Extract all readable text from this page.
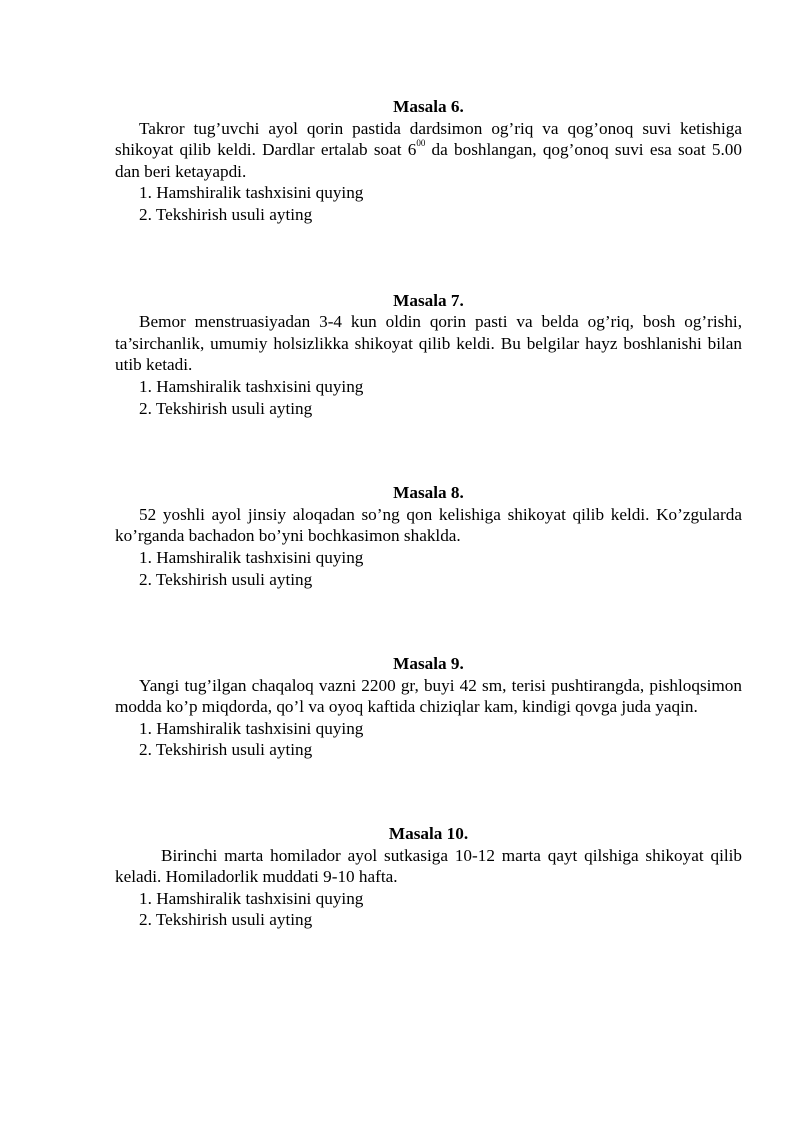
Masala 6.

Takror tug’uvchi ayol qorin pastida dardsimon og’riq va qog’onoq suvi ketishiga shikoyat qilib keldi. Dardlar ertalab soat $6^{00}$ da boshlangan, qog’onoq suvi esa soat 5.00 dan beri ketayapdi.

1. Hamshiralik tashxisini quying

2. Tekshirish usuli ayting

Masala 7.

Bemor menstruasiyadan 3-4 kun oldin qorin pasti va belda og’riq, bosh og’rishi, ta’sirchanlik, umumiy holsizlikka shikoyat qilib keldi. Bu belgilar hayz boshlanishi bilan utib ketadi.

1. Hamshiralik tashxisini quying

2. Tekshirish usuli ayting

Masala 8.

52 yoshli ayol jinsiy aloqadan so’ng qon kelishiga shikoyat qilib keldi. Ko’zgularda ko’rganda bachadon bo’yni bochkasimon shaklda.

1. Hamshiralik tashxisini quying

2. Tekshirish usuli ayting

Masala 9.

Yangi tug’ilgan chaqaloq vazni 2200 gr, buyi 42 sm, terisi pushtirangda, pishloqsimon modda ko’p miqdorda, qo’l va oyoq kaftida chiziqlar kam, kindigi qovga juda yaqin.

1. Hamshiralik tashxisini quying

2. Tekshirish usuli ayting

Masala 10.

Birinchi marta homilador ayol sutkasiga 10-12 marta qayt qilshiga shikoyat qilib keladi. Homiladorlik muddati 9-10 hafta.

1. Hamshiralik tashxisini quying

2. Tekshirish usuli ayting
